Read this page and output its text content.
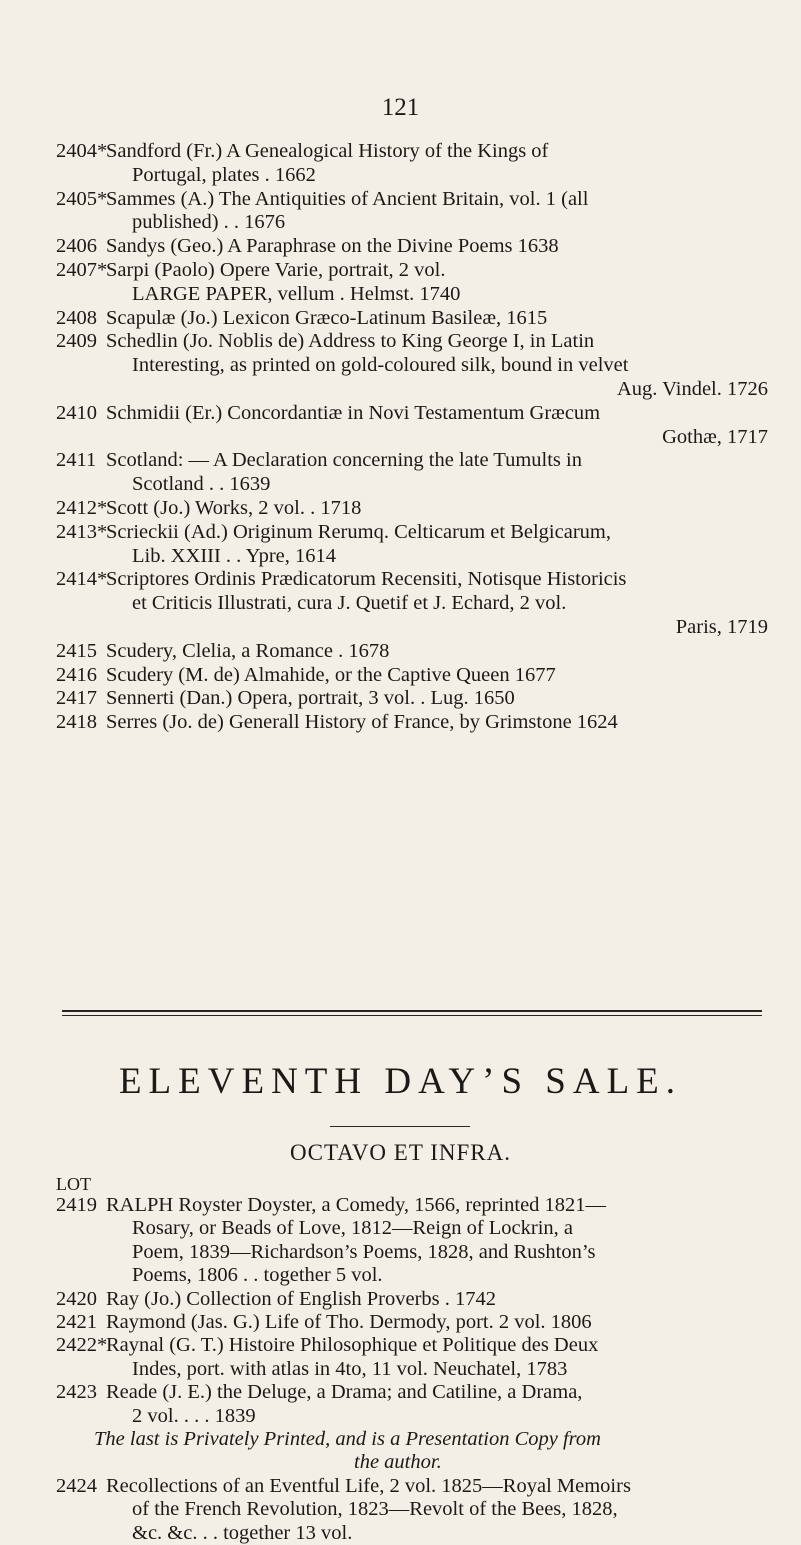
121
2404*
Sandford (Fr.) A Genealogical History of the Kings of
Portugal, plates . 1662
2405*
Sammes (A.) The Antiquities of Ancient Britain, vol. 1 (all
published) . . 1676
2406 Sandys (Geo.) A Paraphrase on the Divine Poems 1638
2407*
Sarpi (Paolo) Opere Varie, portrait, 2 vol.
LARGE PAPER, vellum . Helmst. 1740
2408 Scapulæ (Jo.) Lexicon Græco-Latinum Basileæ, 1615
2409 Schedlin (Jo. Noblis de) Address to King George I, in Latin
Interesting, as printed on gold-coloured silk, bound in velvet
Aug. Vindel. 1726
2410 Schmidii (Er.) Concordantiæ in Novi Testamentum Græcum
Gothæ, 1717
2411 Scotland: — A Declaration concerning the late Tumults in
Scotland . . 1639
2412*
Scott (Jo.) Works, 2 vol. . 1718
2413*
Scrieckii (Ad.) Originum Rerumq. Celticarum et Belgicarum,
Lib. XXIII . . Ypre, 1614
2414*
Scriptores Ordinis Prædicatorum Recensiti, Notisque Historicis
et Criticis Illustrati, cura J. Quetif et J. Echard, 2 vol.
Paris, 1719
2415 Scudery, Clelia, a Romance . 1678
2416 Scudery (M. de) Almahide, or the Captive Queen 1677
2417 Sennerti (Dan.) Opera, portrait, 3 vol. . Lug. 1650
2418 Serres (Jo. de) Generall History of France, by Grimstone 1624
ELEVENTH DAY’S SALE.
OCTAVO ET INFRA.
LOT
2419 RALPH Royster Doyster, a Comedy, 1566, reprinted 1821—
Rosary, or Beads of Love, 1812—Reign of Lockrin, a
Poem, 1839—Richardson’s Poems, 1828, and Rushton’s
Poems, 1806 . . together 5 vol.
2420 Ray (Jo.) Collection of English Proverbs . 1742
2421 Raymond (Jas. G.) Life of Tho. Dermody, port. 2 vol. 1806
2422*
Raynal (G. T.) Histoire Philosophique et Politique des Deux
Indes, port. with atlas in 4to, 11 vol. Neuchatel, 1783
2423 Reade (J. E.) the Deluge, a Drama; and Catiline, a Drama,
2 vol. . . . 1839
The last is Privately Printed, and is a Presentation Copy from
the author.
2424 Recollections of an Eventful Life, 2 vol. 1825—Royal Memoirs
of the French Revolution, 1823—Revolt of the Bees, 1828,
&c. &c. . . together 13 vol.
